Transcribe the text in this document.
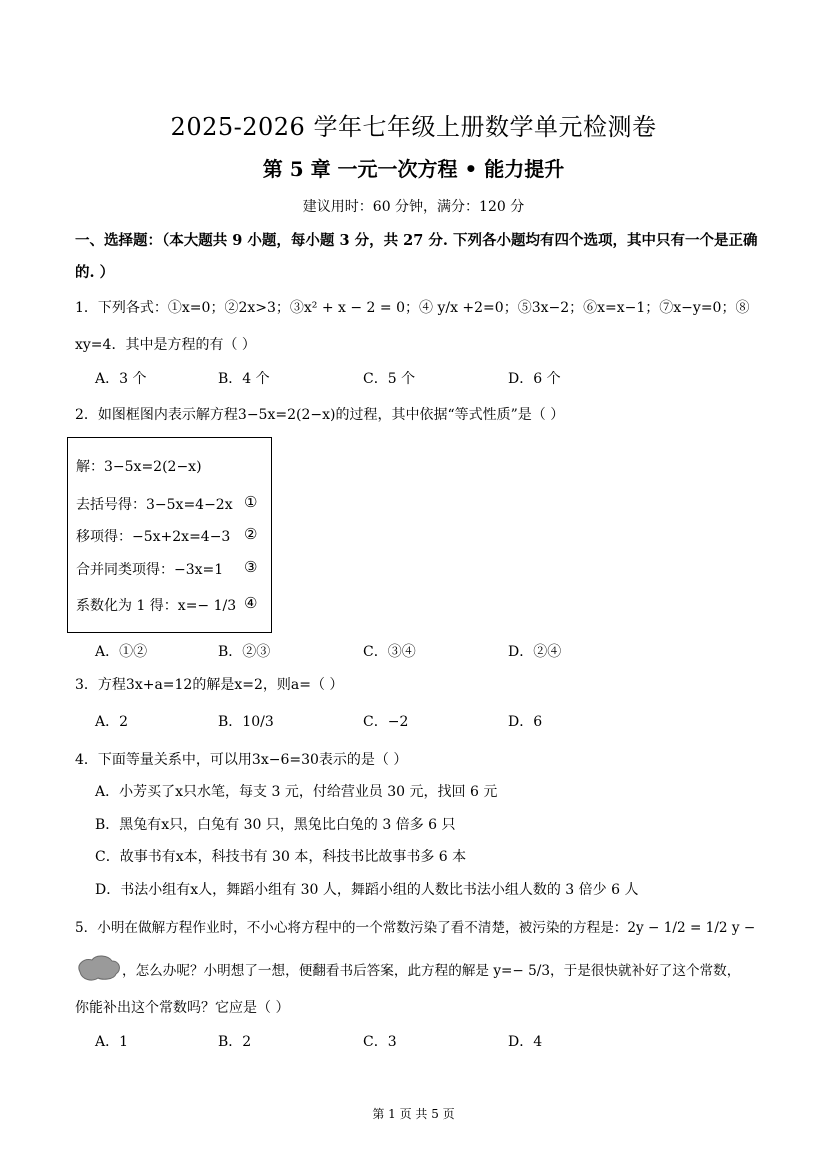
2025-2026 学年七年级上册数学单元检测卷
第 5 章 一元一次方程 • 能力提升
建议用时：60 分钟，满分：120 分
一、选择题：（本大题共 9 小题，每小题 3 分，共 27 分. 下列各小题均有四个选项，其中只有一个是正确
的. ）
1．下列各式：①x=0；②2x>3；③x² + x − 2 = 0；④ y/x +2=0；⑤3x−2；⑥x=x−1；⑦x−y=0；⑧
xy=4．其中是方程的有（ ）
A．3 个	B．4 个	C．5 个	D．6 个
2．如图框图内表示解方程3−5x=2(2−x)的过程，其中依据“等式性质”是（ ）
解：3−5x=2(2−x)
去括号得：3−5x=4−2x
移项得：−5x+2x=4−3
合并同类项得：−3x=1
系数化为 1 得：x=− 1/3
①
②
③
④
A．①②	B．②③	C．③④	D．②④
3．方程3x+a=12的解是x=2，则a=（ ）
A．2	B．10/3	C．−2	D．6
4．下面等量关系中，可以用3x−6=30表示的是（ ）
A．小芳买了x只水笔，每支 3 元，付给营业员 30 元，找回 6 元
B．黑兔有x只，白兔有 30 只，黑兔比白兔的 3 倍多 6 只
C．故事书有x本，科技书有 30 本，科技书比故事书多 6 本
D．书法小组有x人，舞蹈小组有 30 人，舞蹈小组的人数比书法小组人数的 3 倍少 6 人
5．小明在做解方程作业时，不小心将方程中的一个常数污染了看不清楚，被污染的方程是：2y − 1/2 = 1/2 y −
，怎么办呢？小明想了一想，便翻看书后答案，此方程的解是 y=− 5/3，于是很快就补好了这个常数，
你能补出这个常数吗？它应是（ ）
A．1	B．2	C．3	D．4
第 1 页 共 5 页
